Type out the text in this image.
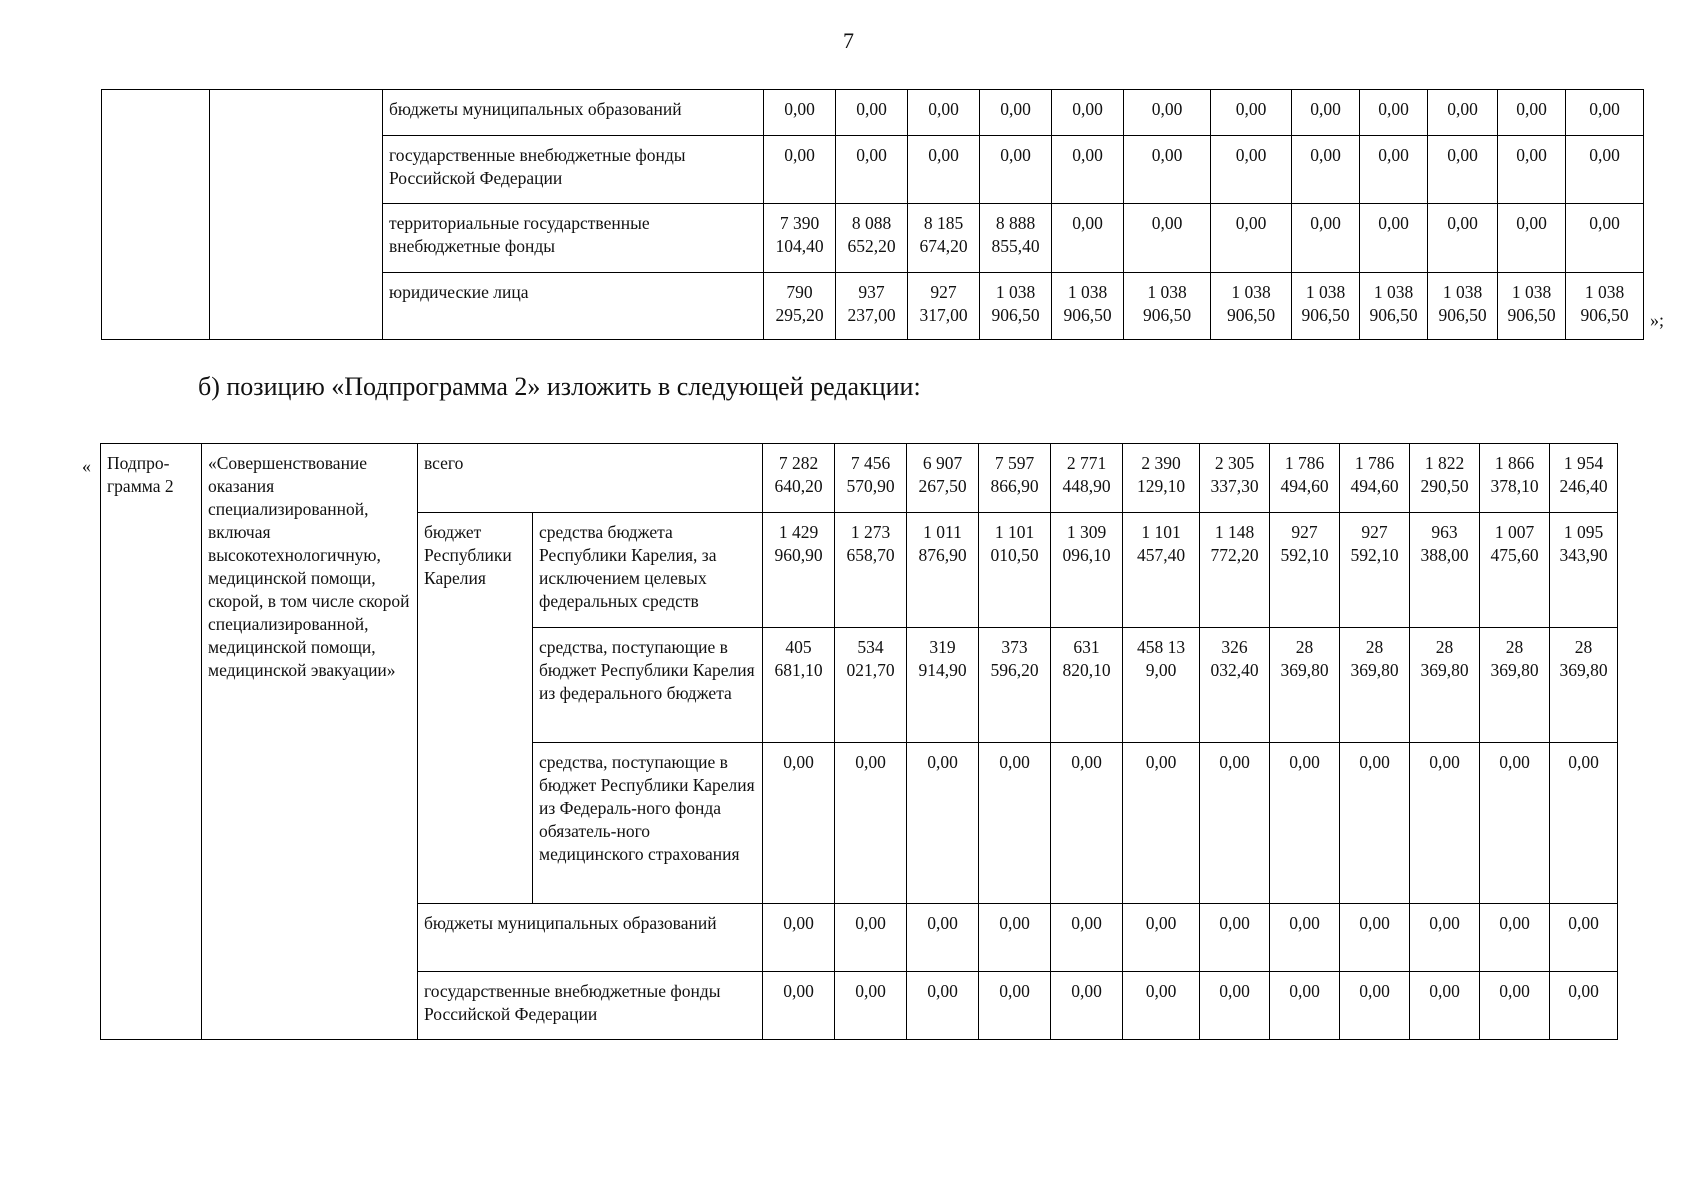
7
		бюджеты муниципальных образований	0,00	0,00	0,00	0,00	0,00	0,00	0,00	0,00	0,00	0,00	0,00	0,00
		государственные внебюджетные фонды Российской Федерации	0,00	0,00	0,00	0,00	0,00	0,00	0,00	0,00	0,00	0,00	0,00	0,00
		территориальные государственные внебюджетные фонды	7 390 104,40	8 088 652,20	8 185 674,20	8 888 855,40	0,00	0,00	0,00	0,00	0,00	0,00	0,00	0,00
		юридические лица	790 295,20	937 237,00	927 317,00	1 038 906,50	1 038 906,50	1 038 906,50	1 038 906,50	1 038 906,50	1 038 906,50	1 038 906,50	1 038 906,50	1 038 906,50 »;
б) позицию «Подпрограмма 2» изложить в следующей редакции:
« Подпро-грамма 2	«Совершенствование оказания специализированной, включая высокотехнологичную, медицинской помощи, скорой, в том числе скорой специализированной, медицинской помощи, медицинской эвакуации»	всего		7 282 640,20	7 456 570,90	6 907 267,50	7 597 866,90	2 771 448,90	2 390 129,10	2 305 337,30	1 786 494,60	1 786 494,60	1 822 290,50	1 866 378,10	1 954 246,40
		бюджет Республики Карелия	средства бюджета Республики Карелия, за исключением целевых федеральных средств	1 429 960,90	1 273 658,70	1 011 876,90	1 101 010,50	1 309 096,10	1 101 457,40	1 148 772,20	927 592,10	927 592,10	963 388,00	1 007 475,60	1 095 343,90
			средства, поступающие в бюджет Республики Карелия из федерального бюджета	405 681,10	534 021,70	319 914,90	373 596,20	631 820,10	458 13 9,00	326 032,40	28 369,80	28 369,80	28 369,80	28 369,80	28 369,80
			средства, поступающие в бюджет Республики Карелия из Федераль-ного фонда обязатель-ного медицинского страхования	0,00	0,00	0,00	0,00	0,00	0,00	0,00	0,00	0,00	0,00	0,00	0,00
		бюджеты муниципальных образований		0,00	0,00	0,00	0,00	0,00	0,00	0,00	0,00	0,00	0,00	0,00	0,00
		государственные внебюджетные фонды Российской Федерации		0,00	0,00	0,00	0,00	0,00	0,00	0,00	0,00	0,00	0,00	0,00	0,00
